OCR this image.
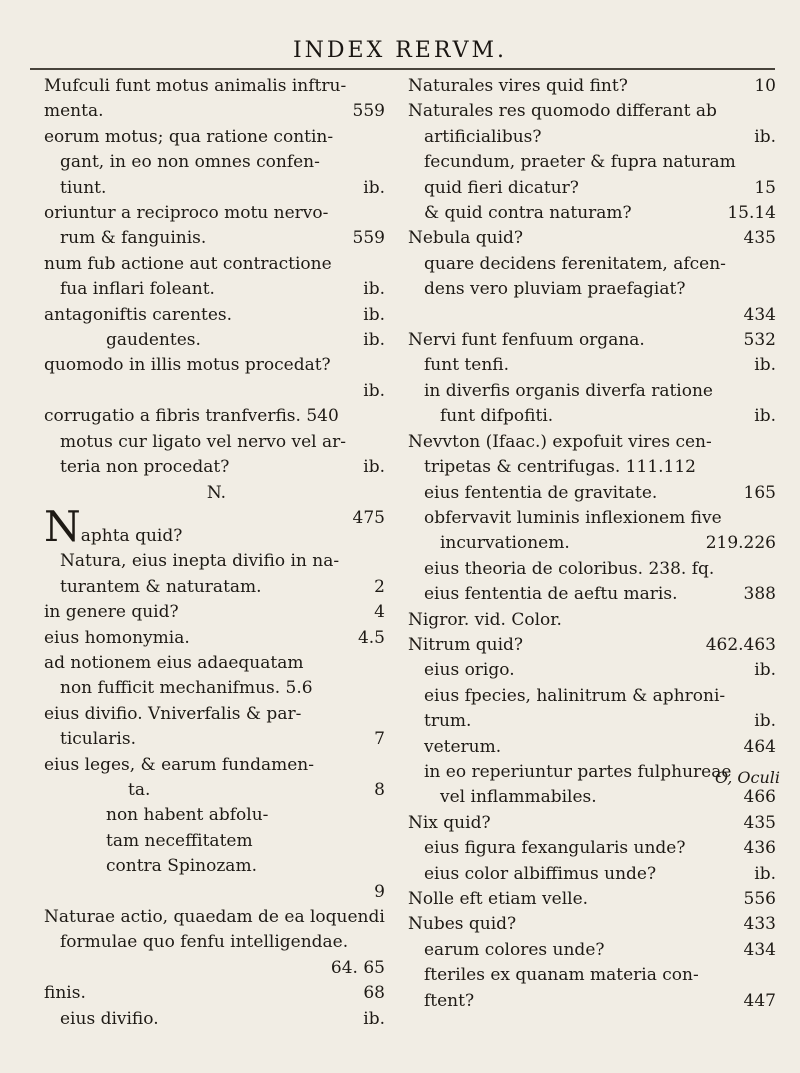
INDEX RERVM.
Mufculi funt motus animalis inftru-
menta.	559
eorum motus; qua ratione contin-
gant, in eo non omnes confen-
tiunt.	ib.
oriuntur a reciproco motu nervo-
rum & fanguinis.	559
num fub actione aut contractione
fua inflari foleant.	ib.
antagoniftis carentes.	ib.
gaudentes.	ib.
quomodo in illis motus procedat?
ib.
corrugatio a fibris tranfverfis. 540
motus cur ligato vel nervo vel ar-
teria non procedat?	ib.
N.
Naphta quid?
475
Natura, eius inepta divifio in na-
turantem & naturatam.	2
in genere quid?	4
eius homonymia.	4.5
ad notionem eius adaequatam
non fufficit mechanifmus. 5.6
eius divifio. Vniverfalis & par-
ticularis.	7
eius leges, & earum fundamen-
ta.	8
non habent abfolu-
tam neceffitatem
contra Spinozam.
9
Naturae actio, quaedam de ea loquendi
formulae quo fenfu intelligendae.
64. 65
finis.	68
eius divifio.	ib.
Naturales vires quid fint?	10
Naturales res quomodo differant ab
artificialibus?	ib.
fecundum, praeter & fupra naturam
quid fieri dicatur?	15
& quid contra naturam?	15.14
Nebula quid?	435
quare decidens ferenitatem, afcen-
dens vero pluviam praefagiat?
434
Nervi funt fenfuum organa.	532
funt tenfi.	ib.
in diverfis organis diverfa ratione
funt difpofiti.	ib.
Nevvton (Ifaac.) expofuit vires cen-
tripetas & centrifugas. 111.112
eius fententia de gravitate.	165
obfervavit luminis inflexionem five
incurvationem.	219.226
eius theoria de coloribus. 238. fq.
eius fententia de aeftu maris.	388
Nigror. vid. Color.
Nitrum quid?	462.463
eius origo.	ib.
eius fpecies, halinitrum & aphroni-
trum.	ib.
veterum.	464
in eo reperiuntur partes fulphureae
vel inflammabiles.	466
Nix quid?	435
eius figura fexangularis unde?	436
eius color albiffimus unde?	ib.
Nolle eft etiam velle.	556
Nubes quid?	433
earum colores unde?	434
fteriles ex quanam materia con-
ftent?	447
O, Oculi
